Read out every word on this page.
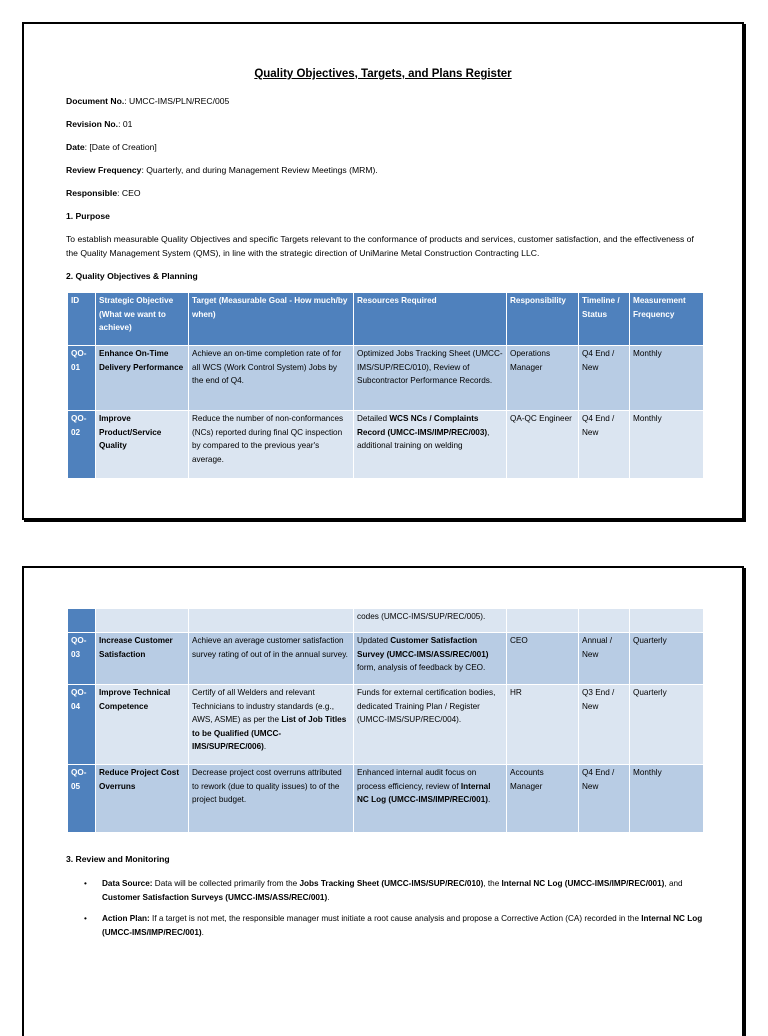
Quality Objectives, Targets, and Plans Register
Document No.: UMCC-IMS/PLN/REC/005
Revision No.: 01
Date: [Date of Creation]
Review Frequency: Quarterly, and during Management Review Meetings (MRM).
Responsible: CEO
1. Purpose
To establish measurable Quality Objectives and specific Targets relevant to the conformance of products and services, customer satisfaction, and the effectiveness of the Quality Management System (QMS), in line with the strategic direction of UniMarine Metal Construction Contracting LLC.
2. Quality Objectives & Planning
ID	Strategic Objective (What we want to achieve)	Target (Measurable Goal - How much/by when)	Resources Required	Responsibility	Timeline / Status	Measurement Frequency
QO-01	Enhance On-Time Delivery Performance	Achieve an on-time completion rate of for all WCS (Work Control System) Jobs by the end of Q4.	Optimized Jobs Tracking Sheet (UMCC-IMS/SUP/REC/010), Review of Subcontractor Performance Records.	Operations Manager	Q4 End / New	Monthly
QO-02	Improve Product/Service Quality	Reduce the number of non-conformances (NCs) reported during final QC inspection by compared to the previous year's average.	Detailed WCS NCs / Complaints Record (UMCC-IMS/IMP/REC/003), additional training on welding	QA-QC Engineer	Q4 End / New	Monthly
			codes (UMCC-IMS/SUP/REC/005).			
QO-03	Increase Customer Satisfaction	Achieve an average customer satisfaction survey rating of out of in the annual survey.	Updated Customer Satisfaction Survey (UMCC-IMS/ASS/REC/001) form, analysis of feedback by CEO.	CEO	Annual / New	Quarterly
QO-04	Improve Technical Competence	Certify of all Welders and relevant Technicians to industry standards (e.g., AWS, ASME) as per the List of Job Titles to be Qualified (UMCC-IMS/SUP/REC/006).	Funds for external certification bodies, dedicated Training Plan / Register (UMCC-IMS/SUP/REC/004).	HR	Q3 End / New	Quarterly
QO-05	Reduce Project Cost Overruns	Decrease project cost overruns attributed to rework (due to quality issues) to of the project budget.	Enhanced internal audit focus on process efficiency, review of Internal NC Log (UMCC-IMS/IMP/REC/001).	Accounts Manager	Q4 End / New	Monthly
3. Review and Monitoring
• Data Source: Data will be collected primarily from the Jobs Tracking Sheet (UMCC-IMS/SUP/REC/010), the Internal NC Log (UMCC-IMS/IMP/REC/001), and Customer Satisfaction Surveys (UMCC-IMS/ASS/REC/001).
• Action Plan: If a target is not met, the responsible manager must initiate a root cause analysis and propose a Corrective Action (CA) recorded in the Internal NC Log (UMCC-IMS/IMP/REC/001).
